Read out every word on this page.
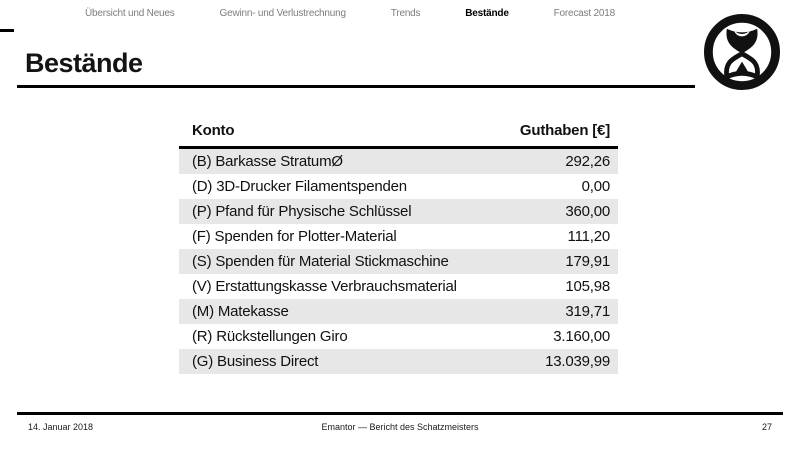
Übersicht und Neues	Gewinn- und Verlustrechnung	Trends	Bestände	Forecast 2018
Bestände
Konto	Guthaben [€]
(B) Barkasse StratumØ	292,26
(D) 3D-Drucker Filamentspenden	0,00
(P) Pfand für Physische Schlüssel	360,00
(F) Spenden for Plotter-Material	111,20
(S) Spenden für Material Stickmaschine	179,91
(V) Erstattungskasse Verbrauchsmaterial	105,98
(M) Matekasse	319,71
(R) Rückstellungen Giro	3.160,00
(G) Business Direct	13.039,99
14. Januar 2018	Emantor — Bericht des Schatzmeisters	27
